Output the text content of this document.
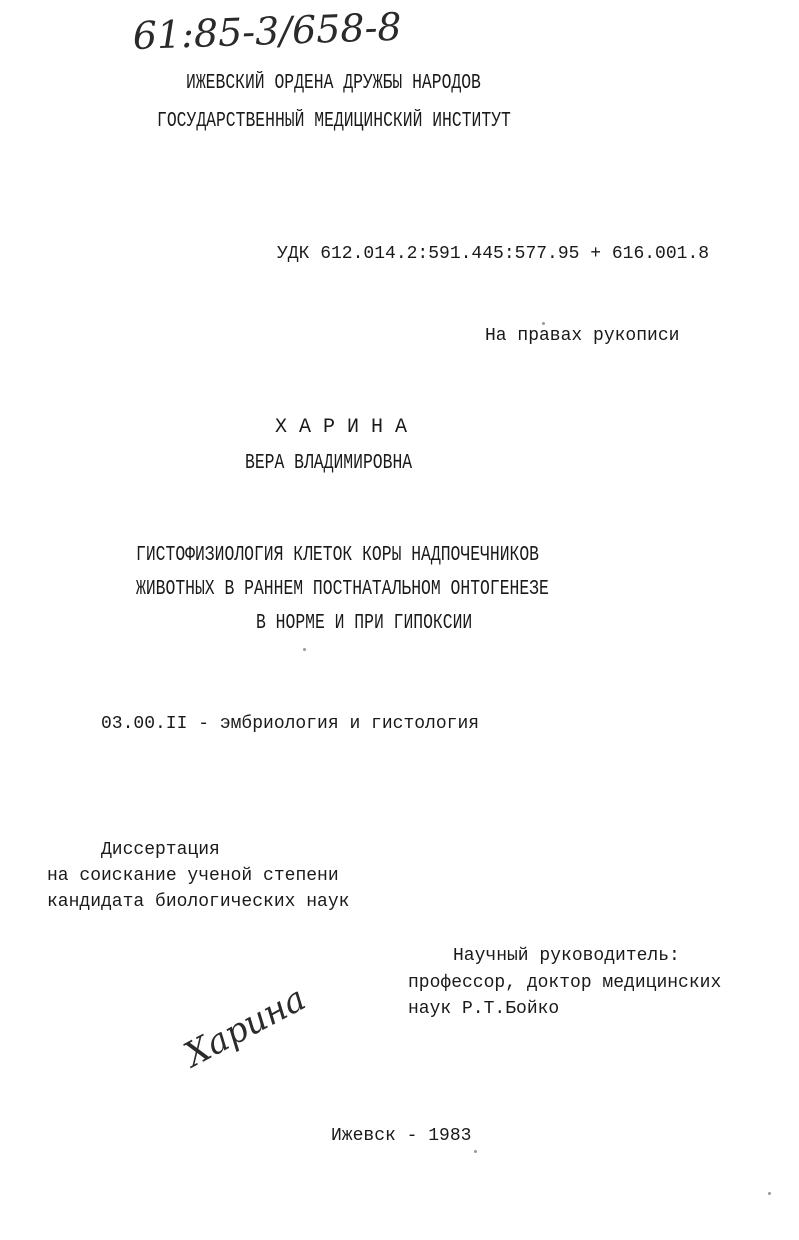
61:85-3/658-8
ИЖЕВСКИЙ ОРДЕНА ДРУЖБЫ НАРОДОВ
ГОСУДАРСТВЕННЫЙ МЕДИЦИНСКИЙ ИНСТИТУТ
УДК 612.014.2:591.445:577.95 + 616.001.8
На правах рукописи
Х А Р И Н А
ВЕРА ВЛАДИМИРОВНА
ГИСТОФИЗИОЛОГИЯ КЛЕТОК КОРЫ НАДПОЧЕЧНИКОВ
ЖИВОТНЫХ В РАННЕМ ПОСТНАТАЛЬНОМ ОНТОГЕНЕЗЕ
В НОРМЕ И ПРИ ГИПОКСИИ
03.00.II - эмбриология и гистология
Диссертация
на соискание ученой степени
кандидата биологических наук
Научный руководитель:
профессор, доктор медицинских
наук Р.Т.Бойко
Харина
Ижевск - 1983
